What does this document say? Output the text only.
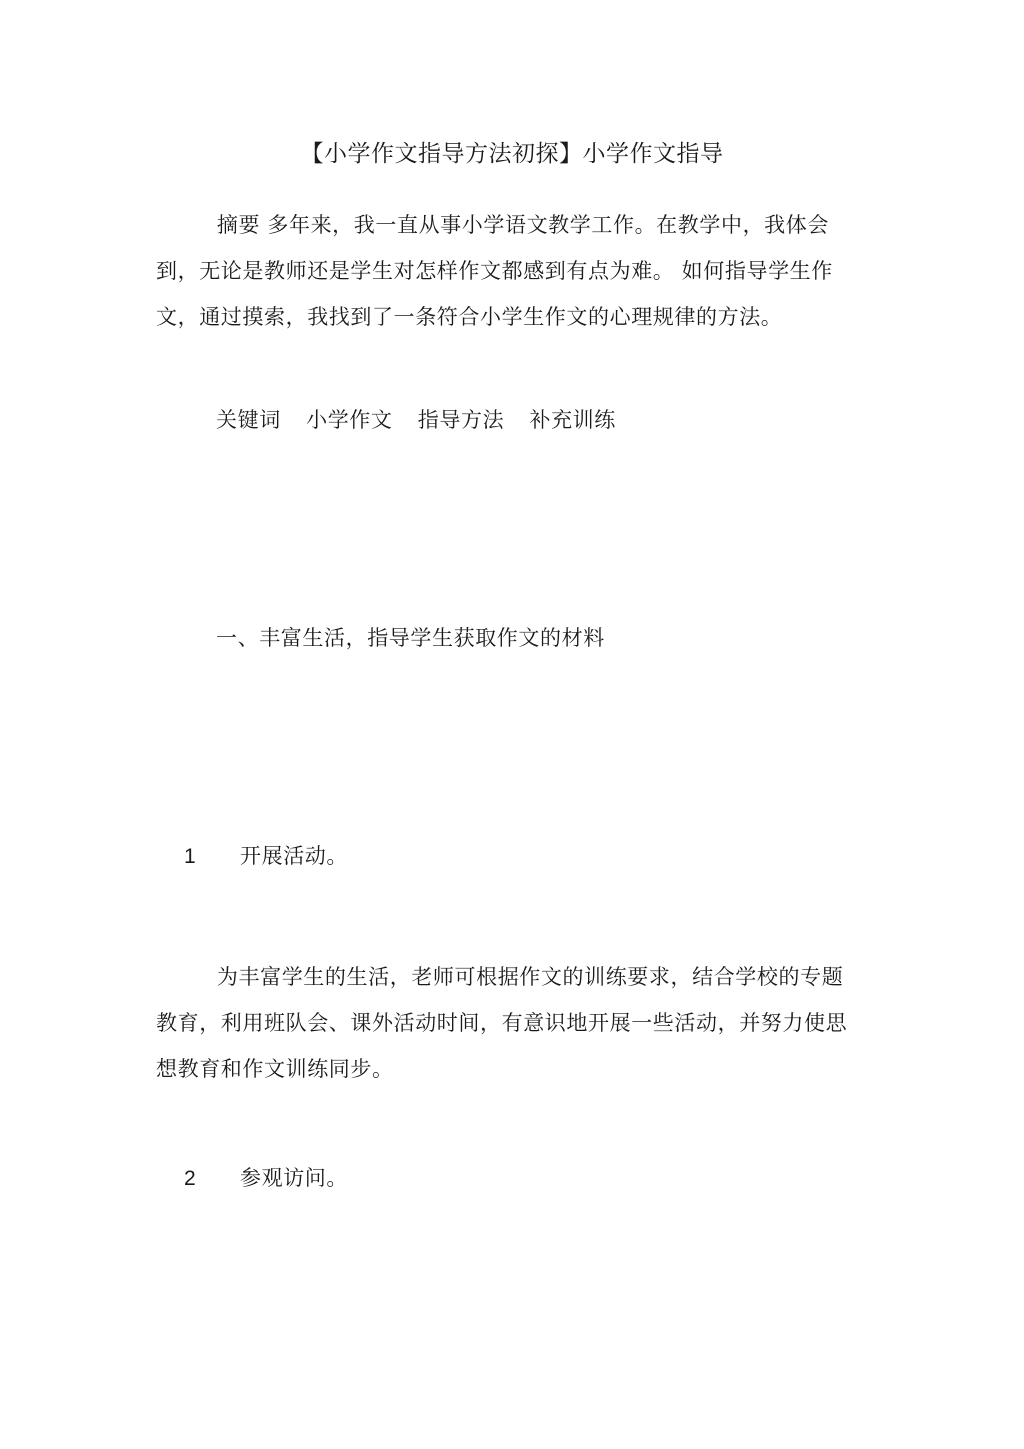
【小学作文指导方法初探】小学作文指导
摘要 多年来，我一直从事小学语文教学工作。在教学中，我体会到，无论是教师还是学生对怎样作文都感到有点为难。 如何指导学生作文，通过摸索，我找到了一条符合小学生作文的心理规律的方法。
关键词 小学作文 指导方法 补充训练
一、丰富生活，指导学生获取作文的材料
1 开展活动。
为丰富学生的生活，老师可根据作文的训练要求，结合学校的专题教育，利用班队会、课外活动时间，有意识地开展一些活动，并努力使思想教育和作文训练同步。
2 参观访问。
